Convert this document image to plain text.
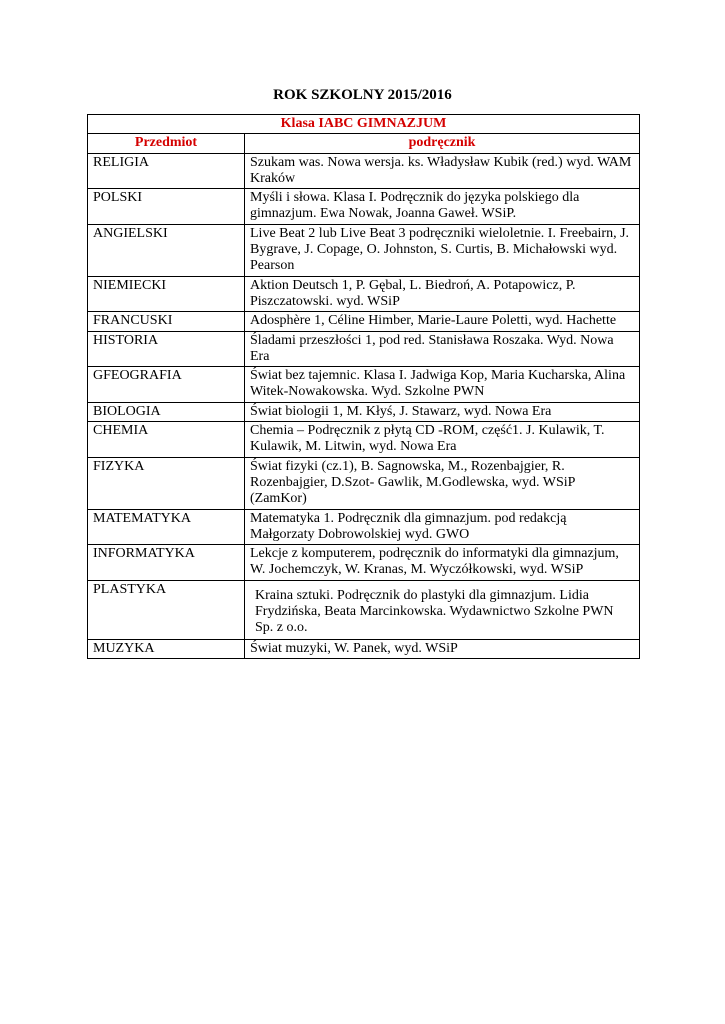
ROK SZKOLNY 2015/2016
Klasa IABC GIMNAZJUM	
Przedmiot	podręcznik
RELIGIA	Szukam was. Nowa wersja. ks. Władysław Kubik (red.) wyd. WAM Kraków
POLSKI	Myśli i słowa. Klasa I. Podręcznik do języka polskiego dla gimnazjum. Ewa Nowak, Joanna Gaweł. WSiP.
ANGIELSKI	Live Beat 2 lub Live Beat 3 podręczniki wieloletnie. I. Freebairn, J. Bygrave, J. Copage, O. Johnston, S. Curtis, B. Michałowski wyd. Pearson
NIEMIECKI	Aktion Deutsch 1, P. Gębal, L. Biedroń, A. Potapowicz, P. Piszczatowski. wyd. WSiP
FRANCUSKI	Adosphère 1, Céline Himber, Marie-Laure Poletti, wyd. Hachette
HISTORIA	Śladami przeszłości 1, pod red. Stanisława Roszaka. Wyd. Nowa Era
GFEOGRAFIA	Świat bez tajemnic. Klasa I. Jadwiga Kop, Maria Kucharska, Alina Witek-Nowakowska. Wyd. Szkolne PWN
BIOLOGIA	Świat biologii 1, M. Kłyś, J. Stawarz, wyd. Nowa Era
CHEMIA	Chemia – Podręcznik z płytą CD -ROM, część1. J. Kulawik, T. Kulawik, M. Litwin, wyd. Nowa Era
FIZYKA	Świat fizyki (cz.1), B. Sagnowska, M., Rozenbajgier, R. Rozenbajgier, D.Szot- Gawlik, M.Godlewska, wyd. WSiP (ZamKor)
MATEMATYKA	Matematyka 1. Podręcznik dla gimnazjum. pod redakcją Małgorzaty Dobrowolskiej wyd. GWO
INFORMATYKA	Lekcje z komputerem, podręcznik do informatyki dla gimnazjum, W. Jochemczyk, W. Kranas, M. Wyczółkowski, wyd. WSiP
PLASTYKA	Kraina sztuki. Podręcznik do plastyki dla gimnazjum. Lidia Frydzińska, Beata Marcinkowska. Wydawnictwo Szkolne PWN Sp. z o.o.
MUZYKA	Świat muzyki, W. Panek, wyd. WSiP
